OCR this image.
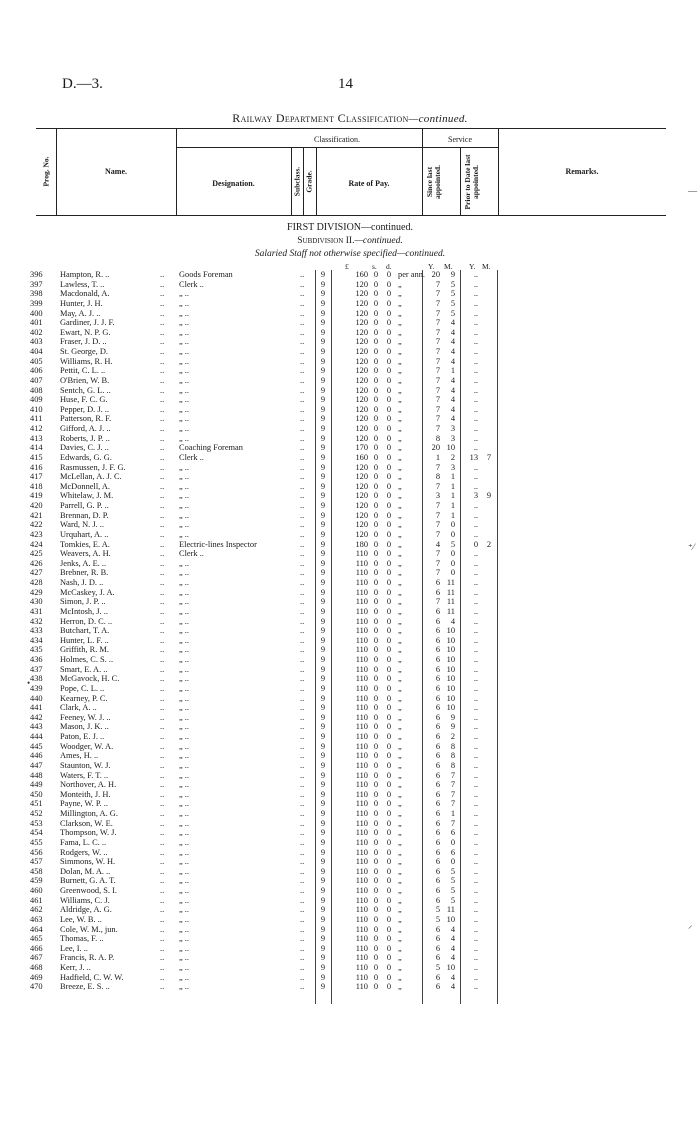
D.—3.	14
Railway Department Classification—continued.
Prog. No.	Name.
Classification.
Designation.	Subclass. Grade.	Rate of Pay.
Service
Since last appointed.	Prior to Date last appointed.	Remarks.
FIRST DIVISION—continued.
Subdivision II.—continued.
Salaried Staff not otherwise specified—continued.
£	s. d.	Y. M. Y. M.
396	Hampton, R. ..	.. Goods Foreman	.. 9	160 0 0 per ann. 20	9	..
397	Lawless, T. ..	.. Clerk ..	.. 9	120 0 0 „	7	5	..
398	Macdonald, A.	.. „ ..	.. 9	120 0 0 „	7	5	..
399	Hunter, J. H.	.. „ ..	.. 9	120 0 0 „	7	5	..
400	May, A. J. ..	.. „ ..	.. 9	120 0 0 „	7	5	..
401	Gardiner, J. J. F.	.. „ ..	.. 9	120 0 0 „	7	4	..
402	Ewart, N. P. G.	.. „ ..	.. 9	120 0 0 „	7	4	..
403	Fraser, J. D. ..	.. „ ..	.. 9	120 0 0 „	7	4	..
404	St. George, D.	.. „ ..	.. 9	120 0 0 „	7	4	..
405	Williams, R. H.	.. „ ..	.. 9	120 0 0 „	7	4	..
406	Pettit, C. L. ..	.. „ ..	.. 9	120 0 0 „	7	1	..
407	O'Brien, W. B.	.. „ ..	.. 9	120 0 0 „	7	4	..
408	Sentch, G. L. ..	.. „ ..	.. 9	120 0 0 „	7	4	..
409	Huse, F. C. G.	.. „ ..	.. 9	120 0 0 „	7	4	..
410	Pepper, D. J. ..	.. „ ..	.. 9	120 0 0 „	7	4	..
411	Patterson, R. F.	.. „ ..	.. 9	120 0 0 „	7	4	..
412	Gifford, A. J. ..	.. „ ..	.. 9	120 0 0 „	7	3	..
413	Roberts, J. P. ..	.. „ ..	.. 9	120 0 0 „	8	3	..
414	Davies, C. J. ..	.. Coaching Foreman	.. 9	170 0 0 „	20 10	..
415	Edwards, G. G.	.. Clerk ..	.. 9	160 0 0 „	1	2 13	7
416	Rasmussen, J. F. G.	.. „ ..	.. 9	120 0 0 „	7	3	..
417	McLellan, A. J. C.	.. „ ..	.. 9	120 0 0 „	8	1	..
418	McDonnell, A.	.. „ ..	.. 9	120 0 0 „	7	1	..
419	Whitelaw, J. M.	.. „ ..	.. 9	120 0 0 „	3	1	3	9
420	Parrell, G. P. ..	.. „ ..	.. 9	120 0 0 „	7	1	..
421	Brennan, D. P.	.. „ ..	.. 9	120 0 0 „	7	1	..
422	Ward, N. J. ..	.. „ ..	.. 9	120 0 0 „	7	0	..
423	Urquhart, A. ..	.. „ ..	.. 9	120 0 0 „	7	0	..
424	Tomkies, E. A.	.. Electric-lines Inspector	.. 9	180 0 0 „	4	5	0	2
425	Weavers, A. H.	.. Clerk ..	.. 9	110 0 0 „	7	0	..
426	Jenks, A. E. ..	.. „ ..	.. 9	110 0 0 „	7	0	..
427	Brebner, R. B.	.. „ ..	.. 9	110 0 0 „	7	0	..
428	Nash, J. D. ..	.. „ ..	.. 9	110 0 0 „	6 11	..
429	McCaskey, J. A.	.. „ ..	.. 9	110 0 0 „	6 11	..
430	Simon, J. P. ..	.. „ ..	.. 9	110 0 0 „	7 11	..
431	McIntosh, J. ..	.. „ ..	.. 9	110 0 0 „	6 11	..
432	Herron, D. C. ..	.. „ ..	.. 9	110 0 0 „	6	4	..
433	Butchart, T. A.	.. „ ..	.. 9	110 0 0 „	6 10	..
434	Hunter, L. F. ..	.. „ ..	.. 9	110 0 0 „	6 10	..
435	Griffith, R. M.	.. „ ..	.. 9	110 0 0 „	6 10	..
436	Holmes, C. S. ..	.. „ ..	.. 9	110 0 0 „	6 10	..
437	Smart, E. A. ..	.. „ ..	.. 9	110 0 0 „	6 10	..
438	McGavock, H. C.	.. „ ..	.. 9	110 0 0 „	6 10	..
439	Pope, C. L. ..	.. „ ..	.. 9	110 0 0 „	6 10	..
440	Kearney, P. C.	.. „ ..	.. 9	110 0 0 „	6 10	..
441	Clark, A. ..	.. „ ..	.. 9	110 0 0 „	6 10	..
442	Feeney, W. J. ..	.. „ ..	.. 9	110 0 0 „	6	9	..
443	Mason, J. K. ..	.. „ ..	.. 9	110 0 0 „	6	9	..
444	Paton, E. J. ..	.. „ ..	.. 9	110 0 0 „	6	2	..
445	Woodger, W. A.	.. „ ..	.. 9	110 0 0 „	6	8	..
446	Ames, H. ..	.. „ ..	.. 9	110 0 0 „	6	8	..
447	Staunton, W. J.	.. „ ..	.. 9	110 0 0 „	6	8	..
448	Waters, F. T. ..	.. „ ..	.. 9	110 0 0 „	6	7	..
449	Northover, A. H.	.. „ ..	.. 9	110 0 0 „	6	7	..
450	Monteith, J. H.	.. „ ..	.. 9	110 0 0 „	6	7	..
451	Payne, W. P. ..	.. „ ..	.. 9	110 0 0 „	6	7	..
452	Millington, A. G.	.. „ ..	.. 9	110 0 0 „	6	1	..
453	Clarkson, W. E.	.. „ ..	.. 9	110 0 0 „	6	7	..
454	Thompson, W. J.	.. „ ..	.. 9	110 0 0 „	6	6	..
455	Fama, L. C. ..	.. „ ..	.. 9	110 0 0 „	6	0	..
456	Rodgers, W. ..	.. „ ..	.. 9	110 0 0 „	6	6	..
457	Simmons, W. H.	.. „ ..	.. 9	110 0 0 „	6	0	..
458	Dolan, M. A. ..	.. „ ..	.. 9	110 0 0 „	6	5	..
459	Burnett, G. A. T.	.. „ ..	.. 9	110 0 0 „	6	5	..
460	Greenwood, S. I.	.. „ ..	.. 9	110 0 0 „	6	5	..
461	Williams, C. J.	.. „ ..	.. 9	110 0 0 „	6	5	..
462	Aldridge, A. G.	.. „ ..	.. 9	110 0 0 „	5 11	..
463	Lee, W. B. ..	.. „ ..	.. 9	110 0 0 „	5 10	..
464	Cole, W. M., jun.	.. „ ..	.. 9	110 0 0 „	6	4	..
465	Thomas, F. ..	.. „ ..	.. 9	110 0 0 „	6	4	..
466	Lee, I. ..	.. „ ..	.. 9	110 0 0 „	6	4	..
467	Francis, R. A. P.	.. „ ..	.. 9	110 0 0 „	6	4	..
468	Kerr, J. ..	.. „ ..	.. 9	110 0 0 „	5 10	..
469	Hadfield, C. W. W.	.. „ ..	.. 9	110 0 0 „	6	4	..
470	Breeze, E. S. ..	.. „ ..	.. 9	110 0 0 „	6	4	..
—
⁺⁄
⸝
•
